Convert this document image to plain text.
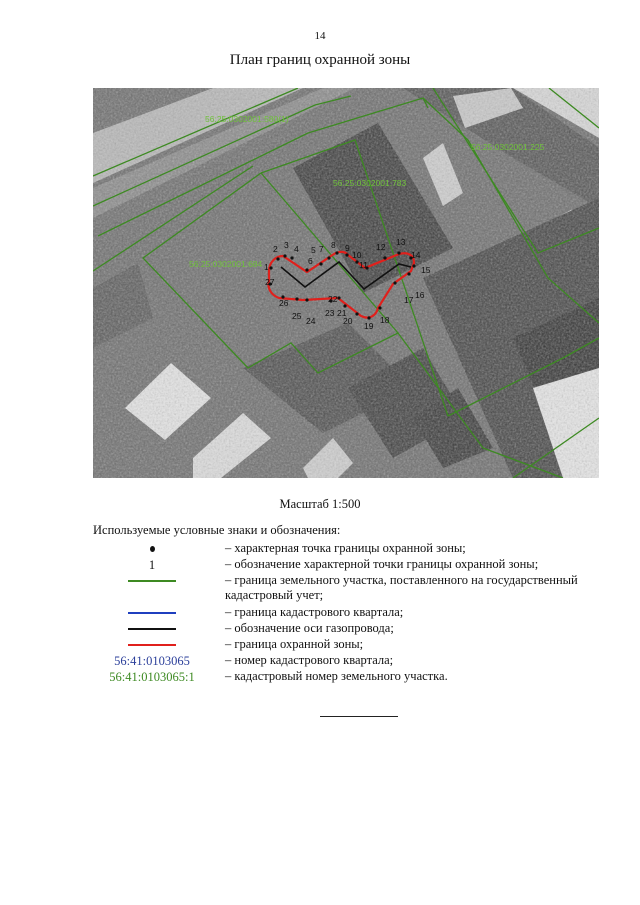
14
План границ охранной зоны
56:25:0302001:580(1)
56:25:0302001:225
56:25:0302001:783
56:25:0302001:684 1
2 3 4 5
6
7 8 9
10
11
12 13
14
15
16
17
18
19
20
21
22
23
24
25
26
27
Масштаб 1:500
Используемые условные знаки и обозначения:
– характерная точка границы охранной зоны;
1	– обозначение характерной точки границы охранной зоны;
– граница земельного участка, поставленного на государственный кадастровый учет;
– граница кадастрового квартала;
– обозначение оси газопровода;
– граница охранной зоны;
56:41:0103065	– номер кадастрового квартала;
56:41:0103065:1	– кадастровый номер земельного участка.
